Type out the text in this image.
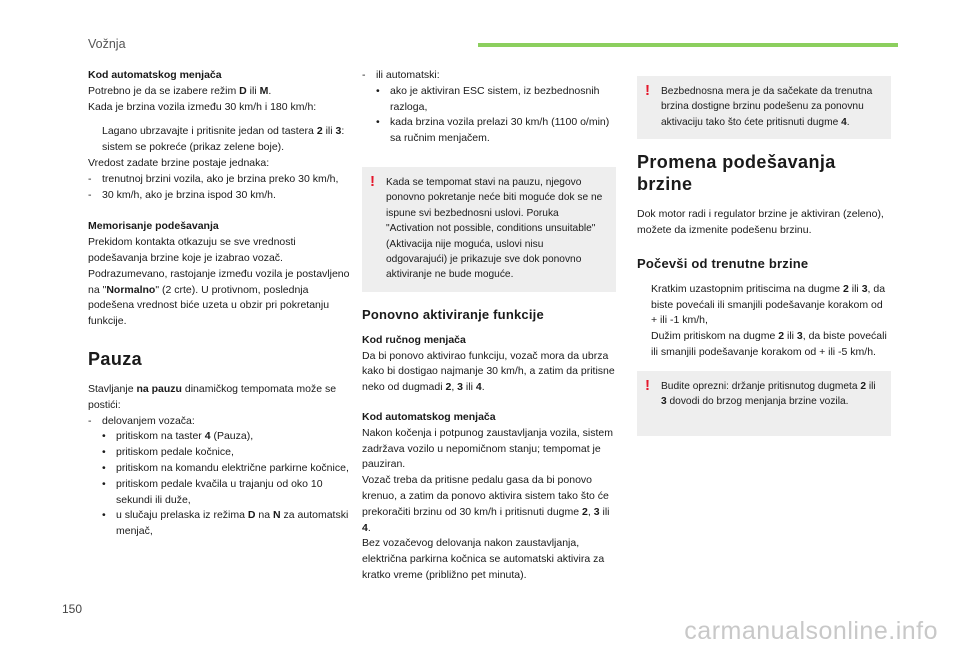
Vožnja

Kod automatskog menjača

Potrebno je da se izabere režim D ili M.

Kada je brzina vozila između 30 km/h i 180 km/h:

Lagano ubrzavajte i pritisnite jedan od tastera 2 ili 3: sistem se pokreće (prikaz zelene boje).

Vredost zadate brzine postaje jednaka:

-	trenutnoj brzini vozila, ako je brzina preko 30 km/h,
-	30 km/h, ako je brzina ispod 30 km/h.

Memorisanje podešavanja

Prekidom kontakta otkazuju se sve vrednosti podešavanja brzine koje je izabrao vozač.

Podrazumevano, rastojanje između vozila je postavljeno na "Normalno" (2 crte). U protivnom, poslednja podešena vrednost biće uzeta u obzir pri pokretanju funkcije.

Pauza

Stavljanje na pauzu dinamičkog tempomata može se postići:

-	delovanjem vozača:
• pritiskom na taster 4 (Pauza),
• pritiskom pedale kočnice,
• pritiskom na komandu električne parkirne kočnice,
• pritiskom pedale kvačila u trajanju od oko 10 sekundi ili duže,
• u slučaju prelaska iz režima D na N za automatski menjač,
-	ili automatski:
• ako je aktiviran ESC sistem, iz bezbednosnih razloga,
• kada brzina vozila prelazi 30 km/h (1100 o/min) sa ručnim menjačem.
! Kada se tempomat stavi na pauzu, njegovo ponovno pokretanje neće biti moguće dok se ne ispune svi bezbednosni uslovi. Poruka "Activation not possible, conditions unsuitable" (Aktivacija nije moguća, uslovi nisu odgovarajući) je prikazuje sve dok ponovno aktiviranje ne bude moguće.
Ponovno aktiviranje funkcije

Kod ručnog menjača

Da bi ponovo aktivirao funkciju, vozač mora da ubrza kako bi dostigao najmanje 30 km/h, a zatim da pritisne neko od dugmadi 2, 3 ili 4.

Kod automatskog menjača

Nakon kočenja i potpunog zaustavljanja vozila, sistem zadržava vozilo u nepomičnom stanju; tempomat je pauziran.

Vozač treba da pritisne pedalu gasa da bi ponovo krenuo, a zatim da ponovo aktivira sistem tako što će prekoračiti brzinu od 30 km/h i pritisnuti dugme 2, 3 ili 4.

Bez vozačevog delovanja nakon zaustavljanja, električna parkirna kočnica se automatski aktivira za kratko vreme (približno pet minuta).

! Bezbednosna mera je da sačekate da trenutna brzina dostigne brzinu podešenu za ponovnu aktivaciju tako što ćete pritisnuti dugme 4.
Promena podešavanja brzine

Dok motor radi i regulator brzine je aktiviran (zeleno), možete da izmenite podešenu brzinu.

Počevši od trenutne brzine
Kratkim uzastopnim pritiscima na dugme 2 ili 3, da biste povećali ili smanjili podešavanje korakom od + ili -1 km/h,
Dužim pritiskom na dugme 2 ili 3, da biste povećali ili smanjili podešavanje korakom od + ili -5 km/h.
! Budite oprezni: držanje pritisnutog dugmeta 2 ili 3 dovodi do brzog menjanja brzine vozila.
150
carmanualsonline.info
